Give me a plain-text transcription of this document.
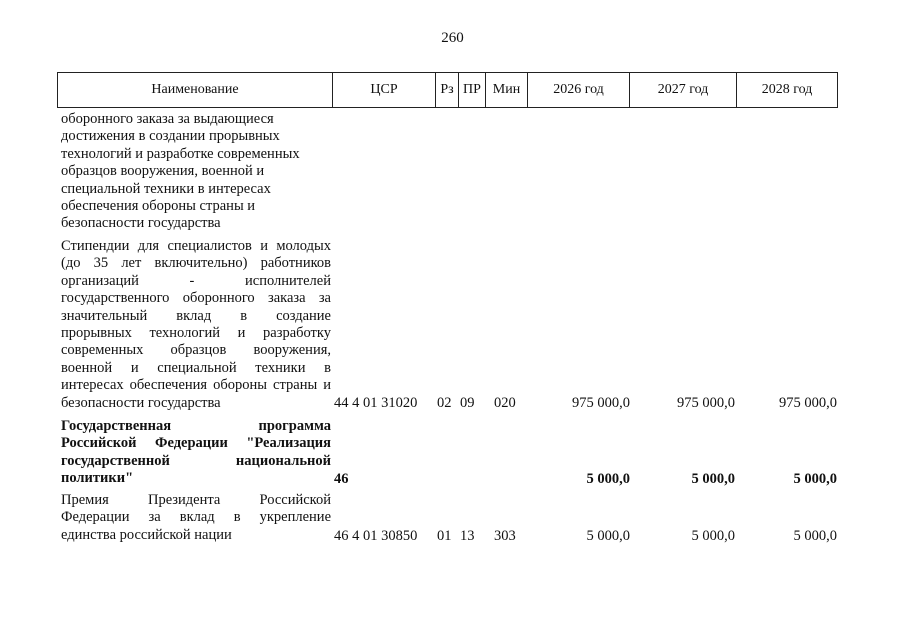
260
Наименование	ЦСР	Рз ПР Мин	2026 год	2027 год	2028 год
оборонного заказа за выдающиеся
достижения в создании прорывных
технологий и разработке современных
образцов вооружения, военной и
специальной техники в интересах
обеспечения обороны страны и
безопасности государства
Стипендии для специалистов и молодых
(до 35 лет включительно) работников
организаций - исполнителей
государственного оборонного заказа за
значительный вклад в создание
прорывных технологий и разработку
современных образцов вооружения,
военной и специальной техники в
интересах обеспечения обороны страны и
безопасности государства	44 4 01 31020 02 09 020	975 000,0	975 000,0	975 000,0
Государственная программа
Российской Федерации "Реализация
государственной национальной
политики"	46	5 000,0	5 000,0	5 000,0
Премия Президента Российской
Федерации за вклад в укрепление
единства российской нации	46 4 01 30850 01 13 303	5 000,0	5 000,0	5 000,0
